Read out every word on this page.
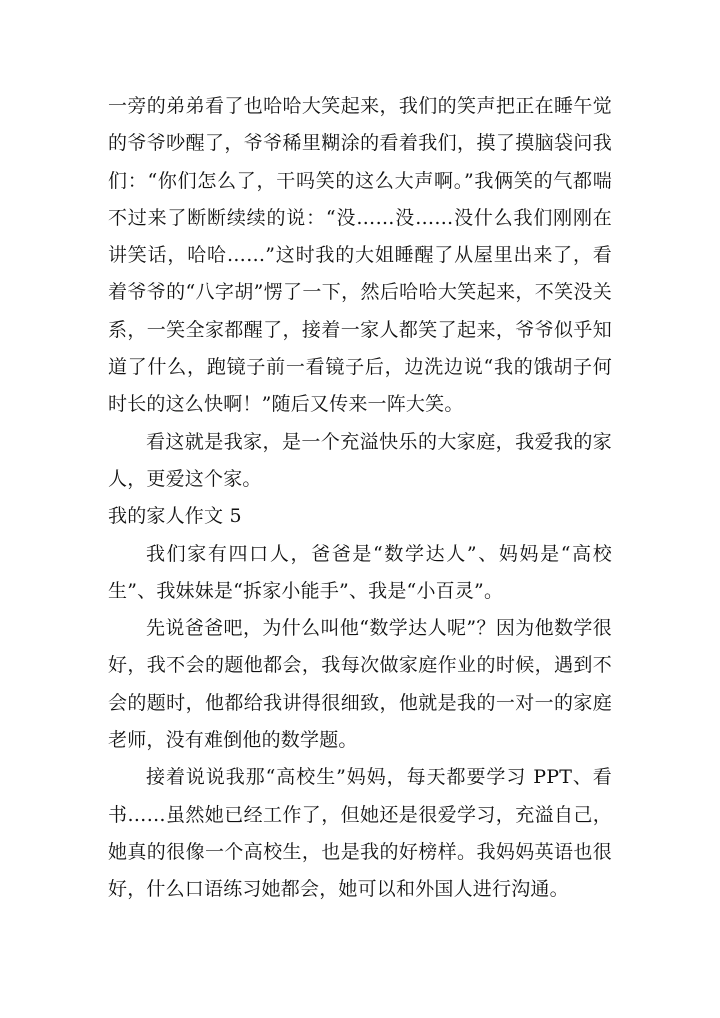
一旁的弟弟看了也哈哈大笑起来，我们的笑声把正在睡午觉的爷爷吵醒了，爷爷稀里糊涂的看着我们，摸了摸脑袋问我们：“你们怎么了，干吗笑的这么大声啊。”我俩笑的气都喘不过来了断断续续的说：“没……没……没什么我们刚刚在讲笑话，哈哈……”这时我的大姐睡醒了从屋里出来了，看着爷爷的“八字胡”愣了一下，然后哈哈大笑起来，不笑没关系，一笑全家都醒了，接着一家人都笑了起来，爷爷似乎知道了什么，跑镜子前一看镜子后，边洗边说“我的饿胡子何时长的这么快啊！”随后又传来一阵大笑。

看这就是我家，是一个充溢快乐的大家庭，我爱我的家人，更爱这个家。

我的家人作文 5

我们家有四口人，爸爸是“数学达人”、妈妈是“高校生”、我妹妹是“拆家小能手”、我是“小百灵”。

先说爸爸吧，为什么叫他“数学达人呢”？因为他数学很好，我不会的题他都会，我每次做家庭作业的时候，遇到不会的题时，他都给我讲得很细致，他就是我的一对一的家庭老师，没有难倒他的数学题。

接着说说我那“高校生”妈妈，每天都要学习 PPT、看书……虽然她已经工作了，但她还是很爱学习，充溢自己，她真的很像一个高校生，也是我的好榜样。我妈妈英语也很好，什么口语练习她都会，她可以和外国人进行沟通。
